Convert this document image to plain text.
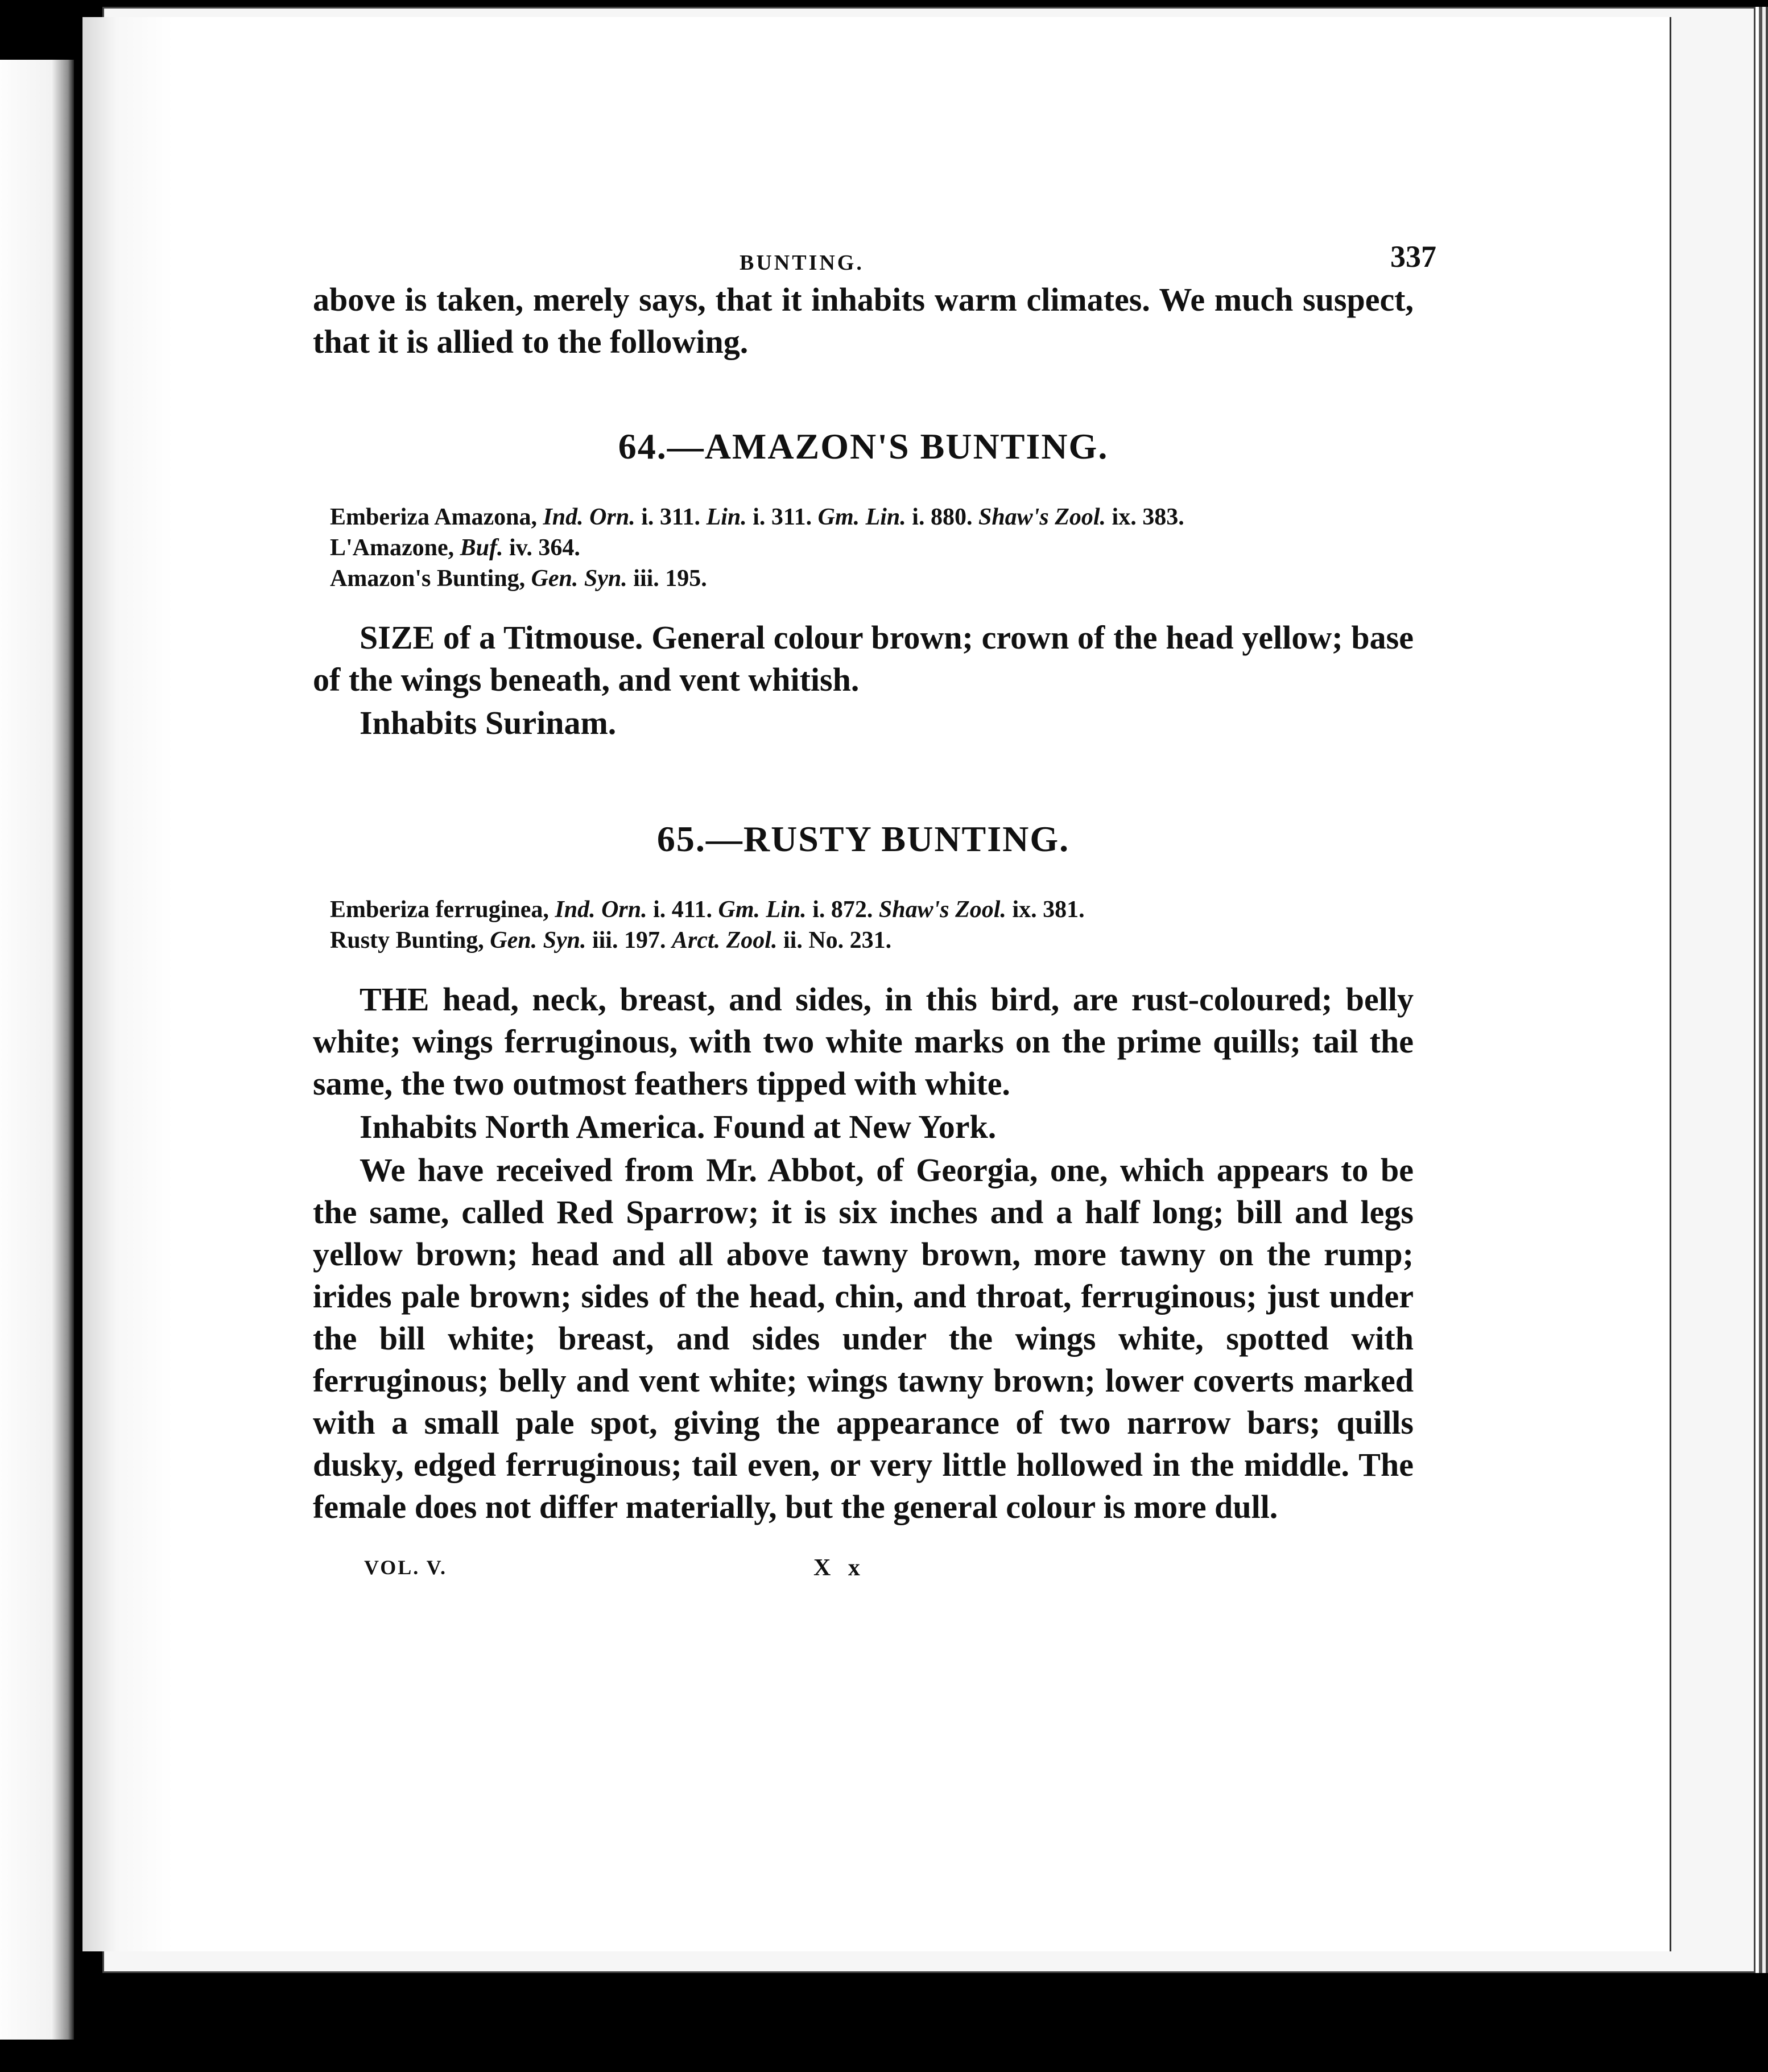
BUNTING.	337

above is taken, merely says, that it inhabits warm climates. We much suspect, that it is allied to the following.

64.—AMAZON'S BUNTING.
Emberiza Amazona, Ind. Orn. i. 311. Lin. i. 311. Gm. Lin. i. 880. Shaw's Zool. ix. 383.
L'Amazone, Buf. iv. 364.
Amazon's Bunting, Gen. Syn. iii. 195.

SIZE of a Titmouse. General colour brown; crown of the head yellow; base of the wings beneath, and vent whitish.

Inhabits Surinam.

65.—RUSTY BUNTING.
Emberiza ferruginea, Ind. Orn. i. 411. Gm. Lin. i. 872. Shaw's Zool. ix. 381.
Rusty Bunting, Gen. Syn. iii. 197. Arct. Zool. ii. No. 231.

THE head, neck, breast, and sides, in this bird, are rust-coloured; belly white; wings ferruginous, with two white marks on the prime quills; tail the same, the two outmost feathers tipped with white.

Inhabits North America. Found at New York.

We have received from Mr. Abbot, of Georgia, one, which appears to be the same, called Red Sparrow; it is six inches and a half long; bill and legs yellow brown; head and all above tawny brown, more tawny on the rump; irides pale brown; sides of the head, chin, and throat, ferruginous; just under the bill white; breast, and sides under the wings white, spotted with ferruginous; belly and vent white; wings tawny brown; lower coverts marked with a small pale spot, giving the appearance of two narrow bars; quills dusky, edged ferruginous; tail even, or very little hollowed in the middle. The female does not differ materially, but the general colour is more dull.

VOL. V.	X x
